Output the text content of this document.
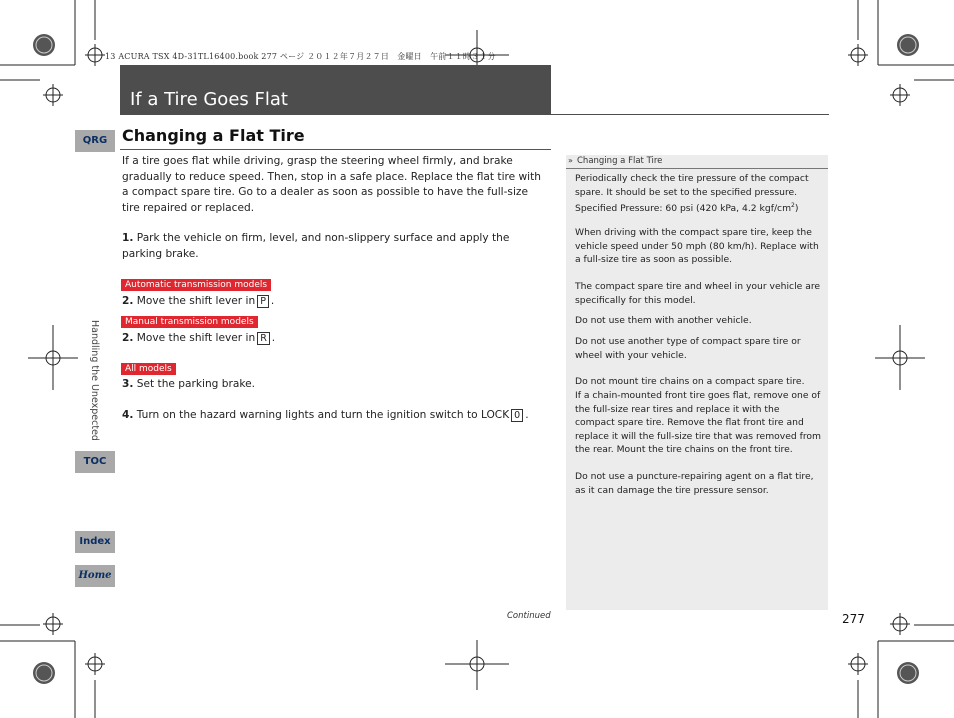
13 ACURA TSX 4D-31TL16400.book 277 ページ ２０１２年７月２７日　金曜日　午前１１時３１分
If a Tire Goes Flat
QRG
Handling the Unexpected
TOC
Index
Home
Changing a Flat Tire
If a tire goes flat while driving, grasp the steering wheel firmly, and brake gradually to reduce speed. Then, stop in a safe place. Replace the flat tire with a compact spare tire. Go to a dealer as soon as possible to have the full-size tire repaired or replaced.
1. Park the vehicle on firm, level, and non-slippery surface and apply the parking brake.
Automatic transmission models
2. Move the shift lever in P .
Manual transmission models
2. Move the shift lever in R .
All models
3. Set the parking brake.
4. Turn on the hazard warning lights and turn the ignition switch to LOCK 0 .
» Changing a Flat Tire
Periodically check the tire pressure of the compact spare. It should be set to the specified pressure.
Specified Pressure: 60 psi (420 kPa, 4.2 kgf/$cm^2$)
When driving with the compact spare tire, keep the vehicle speed under 50 mph (80 km/h). Replace with a full-size tire as soon as possible.
The compact spare tire and wheel in your vehicle are specifically for this model.
Do not use them with another vehicle.
Do not use another type of compact spare tire or wheel with your vehicle.
Do not mount tire chains on a compact spare tire.
If a chain-mounted front tire goes flat, remove one of the full-size rear tires and replace it with the compact spare tire. Remove the flat front tire and replace it will the full-size tire that was removed from the rear. Mount the tire chains on the front tire.
Do not use a puncture-repairing agent on a flat tire, as it can damage the tire pressure sensor.
Continued	277
